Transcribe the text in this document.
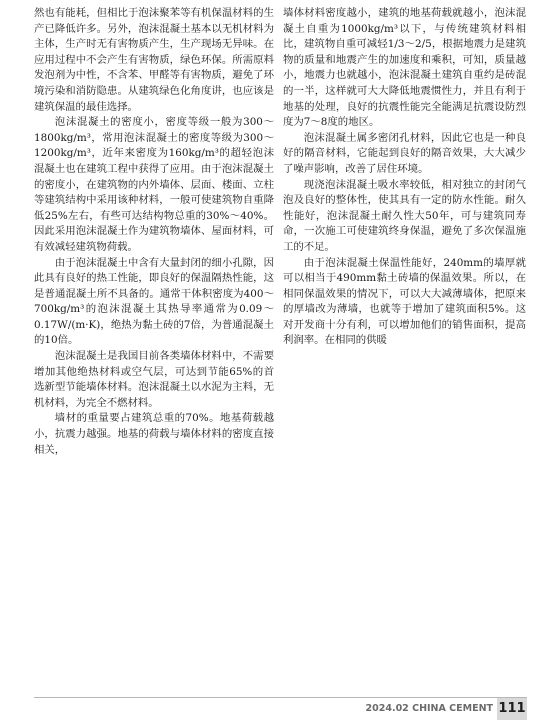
然也有能耗，但相比于泡沫聚苯等有机保温材料的生产已降低许多。另外，泡沫混凝土基本以无机材料为主体，生产时无有害物质产生，生产现场无异味。在应用过程中不会产生有害物质，绿色环保。所需原料发泡剂为中性，不含苯、甲醛等有害物质，避免了环境污染和消防隐患。从建筑绿色化角度讲，也应该是建筑保温的最佳选择。

泡沫混凝土的密度小，密度等级一般为300～1800kg/m³，常用泡沫混凝土的密度等级为300～1200kg/m³，近年来密度为160kg/m³的超轻泡沫混凝土也在建筑工程中获得了应用。由于泡沫混凝土的密度小，在建筑物的内外墙体、层面、楼面、立柱等建筑结构中采用该种材料，一般可使建筑物自重降低25%左右，有些可达结构物总重的30%～40%。因此采用泡沫混凝土作为建筑物墙体、屋面材料，可有效减轻建筑物荷载。

由于泡沫混凝土中含有大量封闭的细小孔隙，因此具有良好的热工性能，即良好的保温隔热性能，这是普通混凝土所不具备的。通常干体积密度为400～700kg/m³的泡沫混凝土其热导率通常为0.09～0.17W/(m·K)，绝热为黏土砖的7倍，为普通混凝土的10倍。

泡沫混凝土是我国目前各类墙体材料中，不需要增加其他绝热材料或空气层，可达到节能65%的首选新型节能墙体材料。泡沫混凝土以水泥为主料，无机材料，为完全不燃材料。

墙材的重量要占建筑总重的70%。地基荷载越小，抗震力越强。地基的荷载与墙体材料的密度直接相关，

墙体材料密度越小，建筑的地基荷载就越小，泡沫混凝土自重为1000kg/m³以下，与传统建筑材料相比，建筑物自重可减轻1/3～2/5，根据地震力是建筑物的质量和地震产生的加速度和乘积，可知，质量越小，地震力也就越小，泡沫混凝土建筑自重约是砖混的一半，这样就可大大降低地震惯性力，并且有利于地基的处理，良好的抗震性能完全能满足抗震设防烈度为7～8度的地区。

泡沫混凝土属多密闭孔材料，因此它也是一种良好的隔音材料，它能起到良好的隔音效果，大大减少了噪声影响，改善了居住环境。

现浇泡沫混凝土吸水率较低，相对独立的封闭气泡及良好的整体性，使其具有一定的防水性能。耐久性能好，泡沫混凝土耐久性大50年，可与建筑同寿命，一次施工可使建筑终身保温，避免了多次保温施工的不足。

由于泡沫混凝土保温性能好，240mm的墙厚就可以相当于490mm黏土砖墙的保温效果。所以，在相同保温效果的情况下，可以大大减薄墙体，把原来的厚墙改为薄墙，也就等于增加了建筑面积5%。这对开发商十分有利，可以增加他们的销售面积，提高利润率。在相同的供暖

2024.02 CHINA CEMENT 111
